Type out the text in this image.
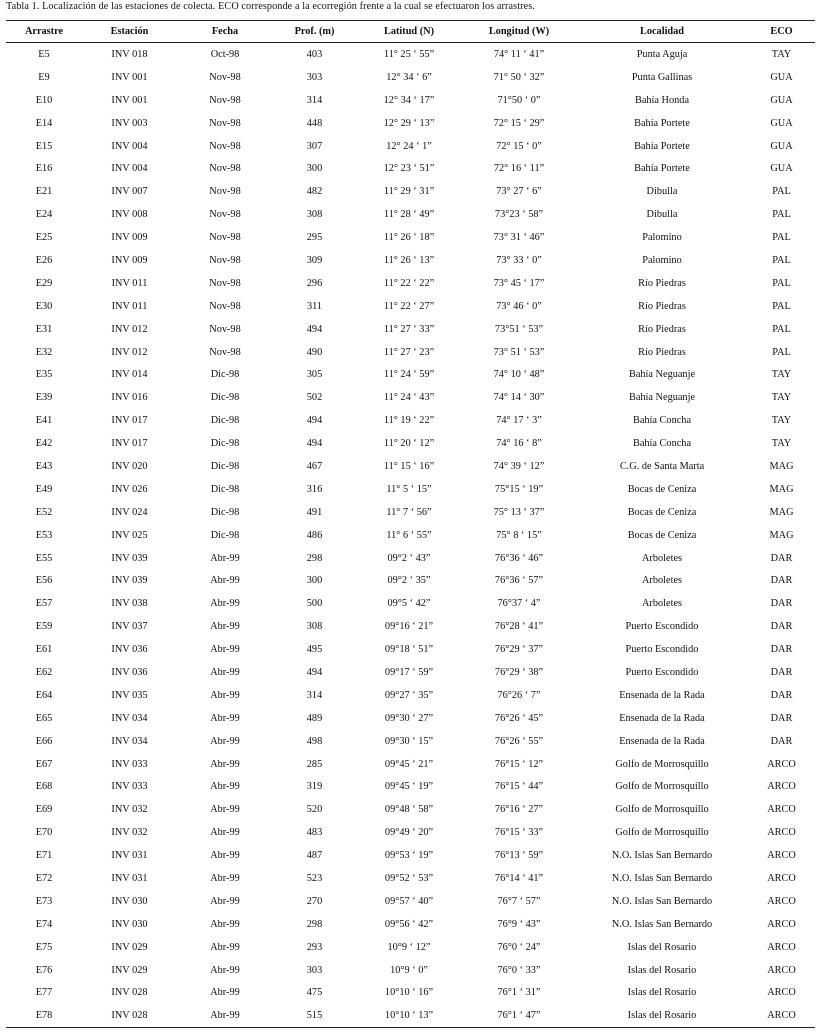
Tabla 1. Localización de las estaciones de colecta. ECO corresponde a la ecorregión frente a la cual se efectuaron los arrastres.
Arrastre	Estación	Fecha	Prof. (m)	Latitud (N)	Longitud (W)	Localidad	ECO
E5	INV 018	Oct-98	403	11° 25 ‘ 55”	74° 11 ‘ 41”	Punta Aguja	TAY
E9	INV 001	Nov-98	303	12° 34 ‘ 6”	71° 50 ‘ 32”	Punta Gallinas	GUA
E10	INV 001	Nov-98	314	12° 34 ‘ 17”	71°50 ‘ 0”	Bahía Honda	GUA
E14	INV 003	Nov-98	448	12° 29 ‘ 13”	72° 15 ‘ 29”	Bahía Portete	GUA
E15	INV 004	Nov-98	307	12° 24 ‘ 1”	72° 15 ‘ 0”	Bahía Portete	GUA
E16	INV 004	Nov-98	300	12° 23 ‘ 51”	72° 16 ‘ 11”	Bahía Portete	GUA
E21	INV 007	Nov-98	482	11° 29 ‘ 31”	73° 27 ‘ 6”	Dibulla	PAL
E24	INV 008	Nov-98	308	11° 28 ‘ 49”	73°23 ‘ 58”	Dibulla	PAL
E25	INV 009	Nov-98	295	11° 26 ‘ 18”	73° 31 ‘ 46”	Palomino	PAL
E26	INV 009	Nov-98	309	11° 26 ‘ 13”	73° 33 ‘ 0”	Palomino	PAL
E29	INV 011	Nov-98	296	11° 22 ‘ 22”	73° 45 ‘ 17”	Río Piedras	PAL
E30	INV 011	Nov-98	311	11° 22 ‘ 27”	73° 46 ‘ 0”	Río Piedras	PAL
E31	INV 012	Nov-98	494	11° 27 ‘ 33”	73°51 ‘ 53”	Río Piedras	PAL
E32	INV 012	Nov-98	490	11° 27 ‘ 23”	73° 51 ‘ 53”	Río Piedras	PAL
E35	INV 014	Dic-98	305	11° 24 ‘ 59”	74° 10 ‘ 48”	Bahía Neguanje	TAY
E39	INV 016	Dic-98	502	11° 24 ‘ 43”	74° 14 ‘ 30”	Bahía Neguanje	TAY
E41	INV 017	Dic-98	494	11° 19 ‘ 22”	74° 17 ‘ 3”	Bahía Concha	TAY
E42	INV 017	Dic-98	494	11° 20 ‘ 12”	74° 16 ‘ 8”	Bahía Concha	TAY
E43	INV 020	Dic-98	467	11° 15 ‘ 16”	74° 39 ‘ 12”	C.G. de Santa Marta	MAG
E49	INV 026	Dic-98	316	11° 5 ‘ 15”	75°15 ‘ 19”	Bocas de Ceniza	MAG
E52	INV 024	Dic-98	491	11° 7 ‘ 56”	75° 13 ‘ 37”	Bocas de Ceniza	MAG
E53	INV 025	Dic-98	486	11° 6 ‘ 55”	75° 8 ‘ 15”	Bocas de Ceniza	MAG
E55	INV 039	Abr-99	298	09°2 ‘ 43”	76°36 ‘ 46”	Arboletes	DAR
E56	INV 039	Abr-99	300	09°2 ‘ 35”	76°36 ‘ 57”	Arboletes	DAR
E57	INV 038	Abr-99	500	09°5 ‘ 42”	76°37 ‘ 4”	Arboletes	DAR
E59	INV 037	Abr-99	308	09°16 ‘ 21”	76°28 ‘ 41”	Puerto Escondido	DAR
E61	INV 036	Abr-99	495	09°18 ‘ 51”	76°29 ‘ 37”	Puerto Escondido	DAR
E62	INV 036	Abr-99	494	09°17 ‘ 59”	76°29 ‘ 38”	Puerto Escondido	DAR
E64	INV 035	Abr-99	314	09°27 ‘ 35”	76°26 ‘ 7”	Ensenada de la Rada	DAR
E65	INV 034	Abr-99	489	09°30 ‘ 27”	76°26 ‘ 45”	Ensenada de la Rada	DAR
E66	INV 034	Abr-99	498	09°30 ‘ 15”	76°26 ‘ 55”	Ensenada de la Rada	DAR
E67	INV 033	Abr-99	285	09°45 ‘ 21”	76°15 ‘ 12”	Golfo de Morrosquillo	ARCO
E68	INV 033	Abr-99	319	09°45 ‘ 19”	76°15 ‘ 44”	Golfo de Morrosquillo	ARCO
E69	INV 032	Abr-99	520	09°48 ‘ 58”	76°16 ‘ 27”	Golfo de Morrosquillo	ARCO
E70	INV 032	Abr-99	483	09°49 ‘ 20”	76°15 ‘ 33”	Golfo de Morrosquillo	ARCO
E71	INV 031	Abr-99	487	09°53 ‘ 19”	76°13 ‘ 59”	N.O. Islas San Bernardo	ARCO
E72	INV 031	Abr-99	523	09°52 ‘ 53”	76°14 ‘ 41”	N.O. Islas San Bernardo	ARCO
E73	INV 030	Abr-99	270	09°57 ‘ 40”	76°7 ‘ 57”	N.O. Islas San Bernardo	ARCO
E74	INV 030	Abr-99	298	09°56 ‘ 42”	76°9 ‘ 43”	N.O. Islas San Bernardo	ARCO
E75	INV 029	Abr-99	293	10°9 ‘ 12”	76°0 ‘ 24”	Islas del Rosario	ARCO
E76	INV 029	Abr-99	303	10°9 ‘ 0”	76°0 ‘ 33”	Islas del Rosario	ARCO
E77	INV 028	Abr-99	475	10°10 ‘ 16”	76°1 ‘ 31”	Islas del Rosario	ARCO
E78	INV 028	Abr-99	515	10°10 ‘ 13”	76°1 ‘ 47”	Islas del Rosario	ARCO
